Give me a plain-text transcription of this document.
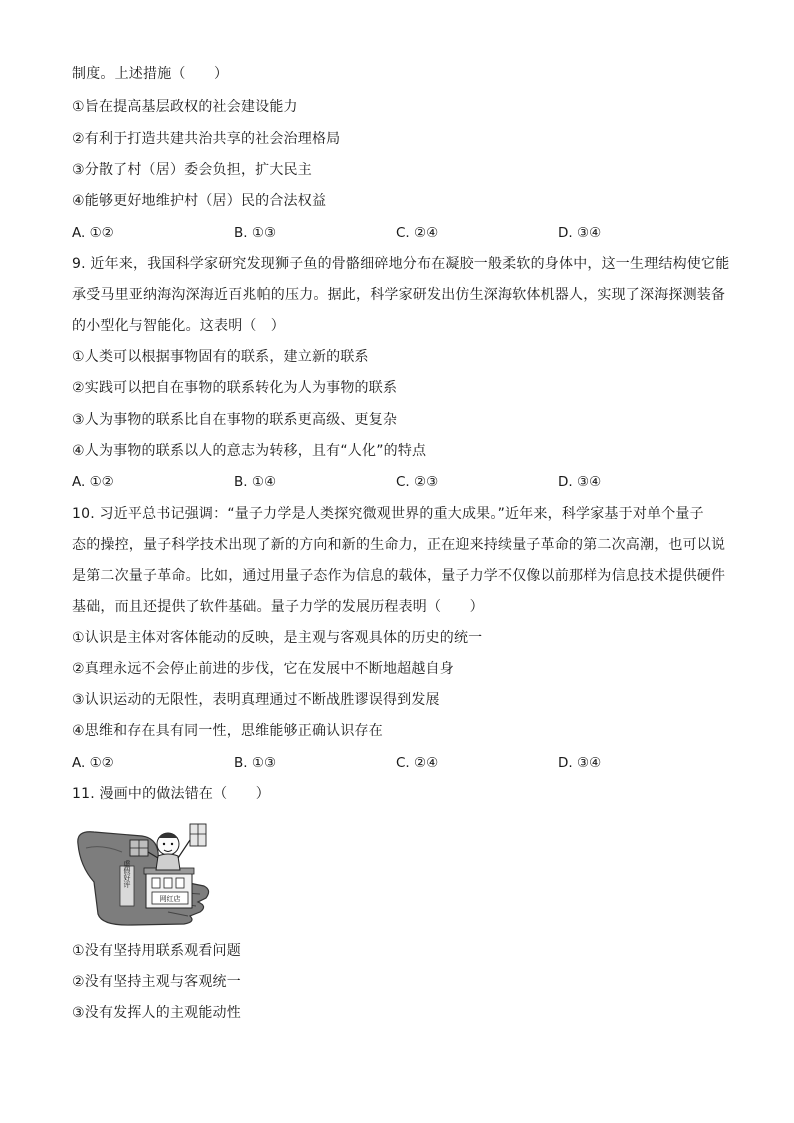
制度。上述措施（　　）
①旨在提高基层政权的社会建设能力
②有利于打造共建共治共享的社会治理格局
③分散了村（居）委会负担，扩大民主
④能够更好地维护村（居）民的合法权益
A. ①②	B. ①③	C. ②④	D. ③④
9. 近年来，我国科学家研究发现狮子鱼的骨骼细碎地分布在凝胶一般柔软的身体中，这一生理结构使它能
承受马里亚纳海沟深海近百兆帕的压力。据此，科学家研发出仿生深海软体机器人，实现了深海探测装备
的小型化与智能化。这表明（　）
①人类可以根据事物固有的联系，建立新的联系
②实践可以把自在事物的联系转化为人为事物的联系
③人为事物的联系比自在事物的联系更高级、更复杂
④人为事物的联系以人的意志为转移，且有“人化”的特点
A. ①②	B. ①④	C. ②③	D. ③④
10. 习近平总书记强调：“量子力学是人类探究微观世界的重大成果。”近年来，科学家基于对单个量子
态的操控，量子科学技术出现了新的方向和新的生命力，正在迎来持续量子革命的第二次高潮，也可以说
是第二次量子革命。比如，通过用量子态作为信息的载体，量子力学不仅像以前那样为信息技术提供硬件
基础，而且还提供了软件基础。量子力学的发展历程表明（　　）
①认识是主体对客体能动的反映，是主观与客观具体的历史的统一
②真理永远不会停止前进的步伐，它在发展中不断地超越自身
③认识运动的无限性，表明真理通过不断战胜谬误得到发展
④思维和存在具有同一性，思维能够正确认识存在
A. ①②	B. ①③	C. ②④	D. ③④
11. 漫画中的做法错在（　　）
虚假好评
网红店
①没有坚持用联系观看问题
②没有坚持主观与客观统一
③没有发挥人的主观能动性
